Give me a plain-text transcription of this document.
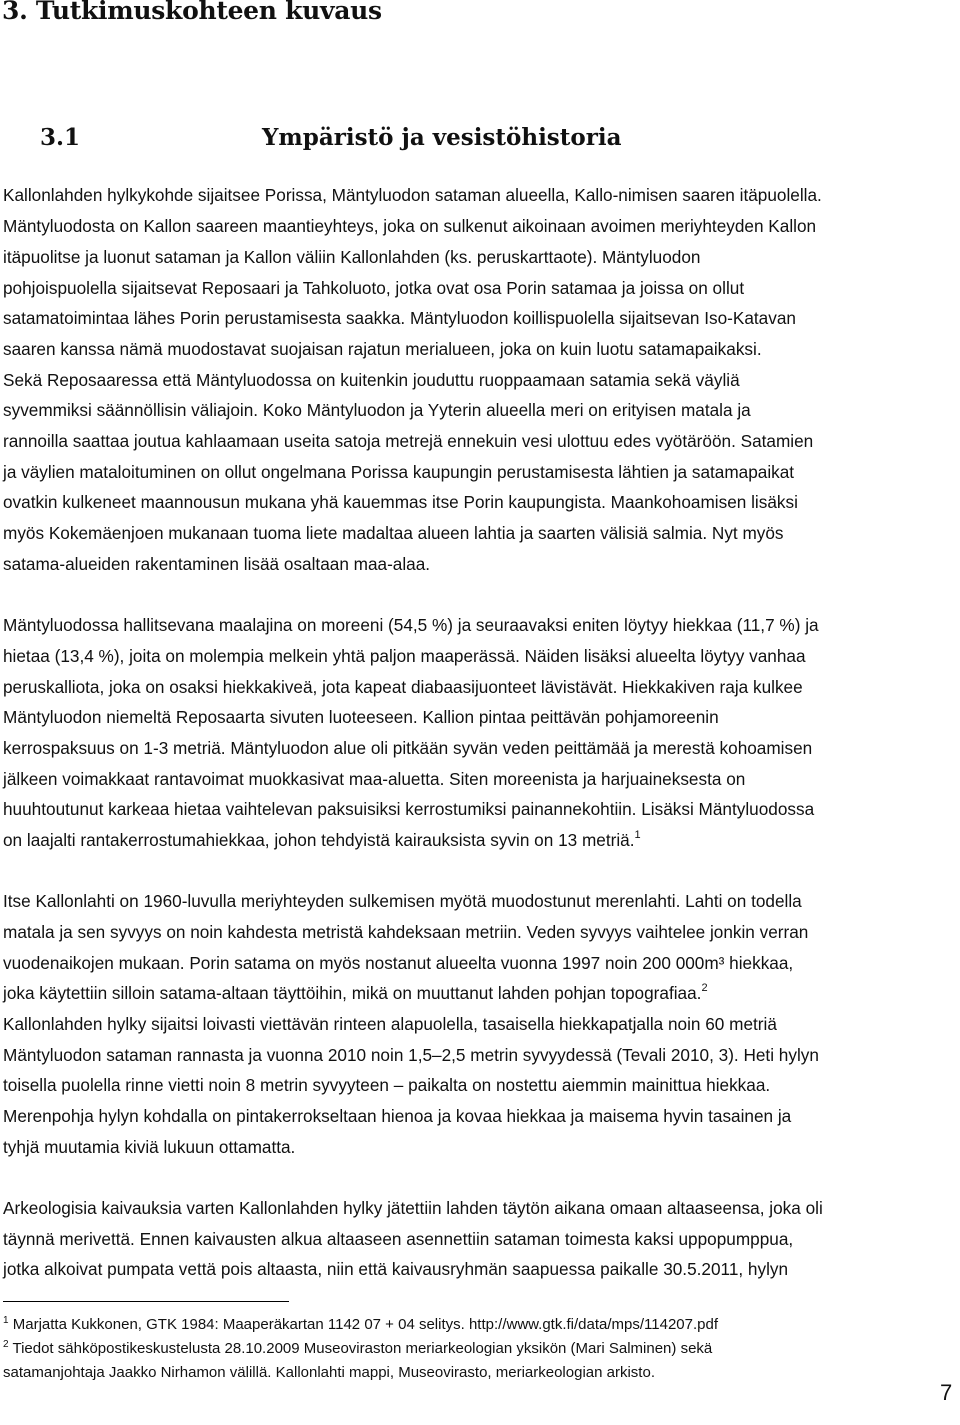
3. Tutkimuskohteen kuvaus
3.1	Ympäristö ja vesistöhistoria
Kallonlahden hylkykohde sijaitsee Porissa, Mäntyluodon sataman alueella, Kallo-nimisen saaren itäpuolella.
Mäntyluodosta on Kallon saareen maantieyhteys, joka on sulkenut aikoinaan avoimen meriyhteyden Kallon
itäpuolitse ja luonut sataman ja Kallon väliin Kallonlahden (ks. peruskarttaote). Mäntyluodon
pohjoispuolella sijaitsevat Reposaari ja Tahkoluoto, jotka ovat osa Porin satamaa ja joissa on ollut
satamatoimintaa lähes Porin perustamisesta saakka. Mäntyluodon koillispuolella sijaitsevan Iso-Katavan
saaren kanssa nämä muodostavat suojaisan rajatun merialueen, joka on kuin luotu satamapaikaksi.
Sekä Reposaaressa että Mäntyluodossa on kuitenkin jouduttu ruoppaamaan satamia sekä väyliä
syvemmiksi säännöllisin väliajoin. Koko Mäntyluodon ja Yyterin alueella meri on erityisen matala ja
rannoilla saattaa joutua kahlaamaan useita satoja metrejä ennekuin vesi ulottuu edes vyötäröön. Satamien
ja väylien mataloituminen on ollut ongelmana Porissa kaupungin perustamisesta lähtien ja satamapaikat
ovatkin kulkeneet maannousun mukana yhä kauemmas itse Porin kaupungista. Maankohoamisen lisäksi
myös Kokemäenjoen mukanaan tuoma liete madaltaa alueen lahtia ja saarten välisiä salmia. Nyt myös
satama-alueiden rakentaminen lisää osaltaan maa-alaa.
Mäntyluodossa hallitsevana maalajina on moreeni (54,5 %) ja seuraavaksi eniten löytyy hiekkaa (11,7 %) ja
hietaa (13,4 %), joita on molempia melkein yhtä paljon maaperässä. Näiden lisäksi alueelta löytyy vanhaa
peruskalliota, joka on osaksi hiekkakiveä, jota kapeat diabaasijuonteet lävistävät. Hiekkakiven raja kulkee
Mäntyluodon niemeltä Reposaarta sivuten luoteeseen. Kallion pintaa peittävän pohjamoreenin
kerrospaksuus on 1-3 metriä. Mäntyluodon alue oli pitkään syvän veden peittämää ja merestä kohoamisen
jälkeen voimakkaat rantavoimat muokkasivat maa-aluetta. Siten moreenista ja harjuaineksesta on
huuhtoutunut karkeaa hietaa vaihtelevan paksuisiksi kerrostumiksi painannekohtiin. Lisäksi Mäntyluodossa
on laajalti rantakerrostumahiekkaa, johon tehdyistä kairauksista syvin on 13 metriä.$^1$
Itse Kallonlahti on 1960-luvulla meriyhteyden sulkemisen myötä muodostunut merenlahti. Lahti on todella
matala ja sen syvyys on noin kahdesta metristä kahdeksaan metriin. Veden syvyys vaihtelee jonkin verran
vuodenaikojen mukaan. Porin satama on myös nostanut alueelta vuonna 1997 noin 200 000m³ hiekkaa,
joka käytettiin silloin satama-altaan täyttöihin, mikä on muuttanut lahden pohjan topografiaa.$^2$
Kallonlahden hylky sijaitsi loivasti viettävän rinteen alapuolella, tasaisella hiekkapatjalla noin 60 metriä
Mäntyluodon sataman rannasta ja vuonna 2010 noin 1,5–2,5 metrin syvyydessä (Tevali 2010, 3). Heti hylyn
toisella puolella rinne vietti noin 8 metrin syvyyteen – paikalta on nostettu aiemmin mainittua hiekkaa.
Merenpohja hylyn kohdalla on pintakerrokseltaan hienoa ja kovaa hiekkaa ja maisema hyvin tasainen ja
tyhjä muutamia kiviä lukuun ottamatta.
Arkeologisia kaivauksia varten Kallonlahden hylky jätettiin lahden täytön aikana omaan altaaseensa, joka oli
täynnä merivettä. Ennen kaivausten alkua altaaseen asennettiin sataman toimesta kaksi uppopumppua,
jotka alkoivat pumpata vettä pois altaasta, niin että kaivausryhmän saapuessa paikalle 30.5.2011, hylyn
$^1$ Marjatta Kukkonen, GTK 1984: Maaperäkartan 1142 07 + 04 selitys. http://www.gtk.fi/data/mps/114207.pdf
$^2$ Tiedot sähköpostikeskustelusta 28.10.2009 Museoviraston meriarkeologian yksikön (Mari Salminen) sekä
satamanjohtaja Jaakko Nirhamon välillä. Kallonlahti mappi, Museovirasto, meriarkeologian arkisto.
7
